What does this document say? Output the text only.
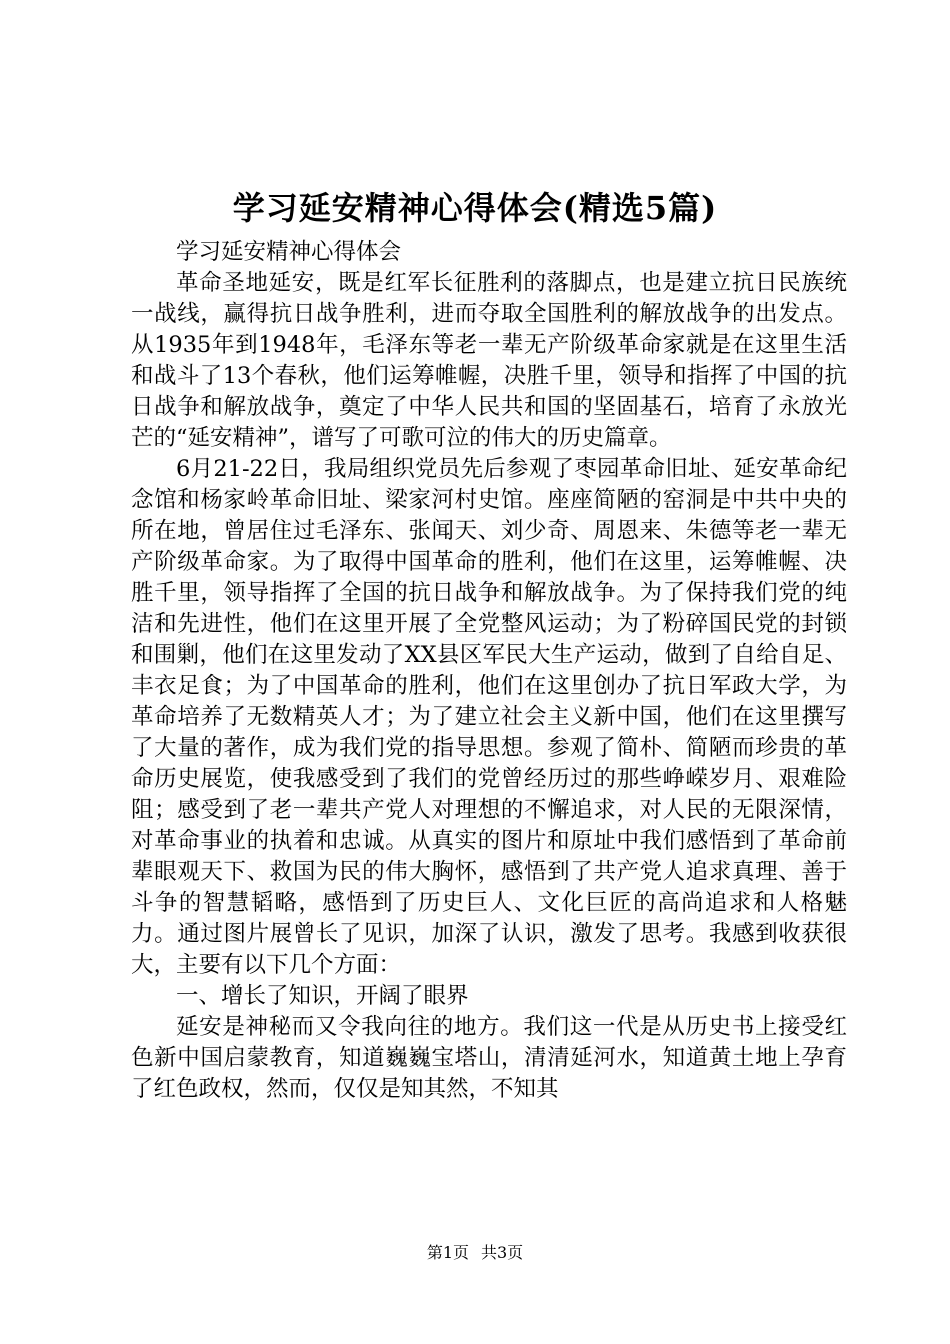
学习延安精神心得体会(精选5篇)

学习延安精神心得体会

革命圣地延安，既是红军长征胜利的落脚点，也是建立抗日民族统一战线，赢得抗日战争胜利，进而夺取全国胜利的解放战争的出发点。从1935年到1948年，毛泽东等老一辈无产阶级革命家就是在这里生活和战斗了13个春秋，他们运筹帷幄，决胜千里，领导和指挥了中国的抗日战争和解放战争，奠定了中华人民共和国的坚固基石，培育了永放光芒的“延安精神”，谱写了可歌可泣的伟大的历史篇章。

6月21-22日，我局组织党员先后参观了枣园革命旧址、延安革命纪念馆和杨家岭革命旧址、梁家河村史馆。座座简陋的窑洞是中共中央的所在地，曾居住过毛泽东、张闻天、刘少奇、周恩来、朱德等老一辈无产阶级革命家。为了取得中国革命的胜利，他们在这里，运筹帷幄、决胜千里，领导指挥了全国的抗日战争和解放战争。为了保持我们党的纯洁和先进性，他们在这里开展了全党整风运动；为了粉碎国民党的封锁和围剿，他们在这里发动了XX县区军民大生产运动，做到了自给自足、丰衣足食；为了中国革命的胜利，他们在这里创办了抗日军政大学，为革命培养了无数精英人才；为了建立社会主义新中国，他们在这里撰写了大量的著作，成为我们党的指导思想。参观了简朴、简陋而珍贵的革命历史展览，使我感受到了我们的党曾经历过的那些峥嵘岁月、艰难险阻；感受到了老一辈共产党人对理想的不懈追求，对人民的无限深情，对革命事业的执着和忠诚。从真实的图片和原址中我们感悟到了革命前辈眼观天下、救国为民的伟大胸怀，感悟到了共产党人追求真理、善于斗争的智慧韬略，感悟到了历史巨人、文化巨匠的高尚追求和人格魅力。通过图片展曾长了见识，加深了认识，激发了思考。我感到收获很大，主要有以下几个方面：

一、增长了知识，开阔了眼界

延安是神秘而又令我向往的地方。我们这一代是从历史书上接受红色新中国启蒙教育，知道巍巍宝塔山，清清延河水，知道黄土地上孕育了红色政权，然而，仅仅是知其然，不知其

第1页 共3页
